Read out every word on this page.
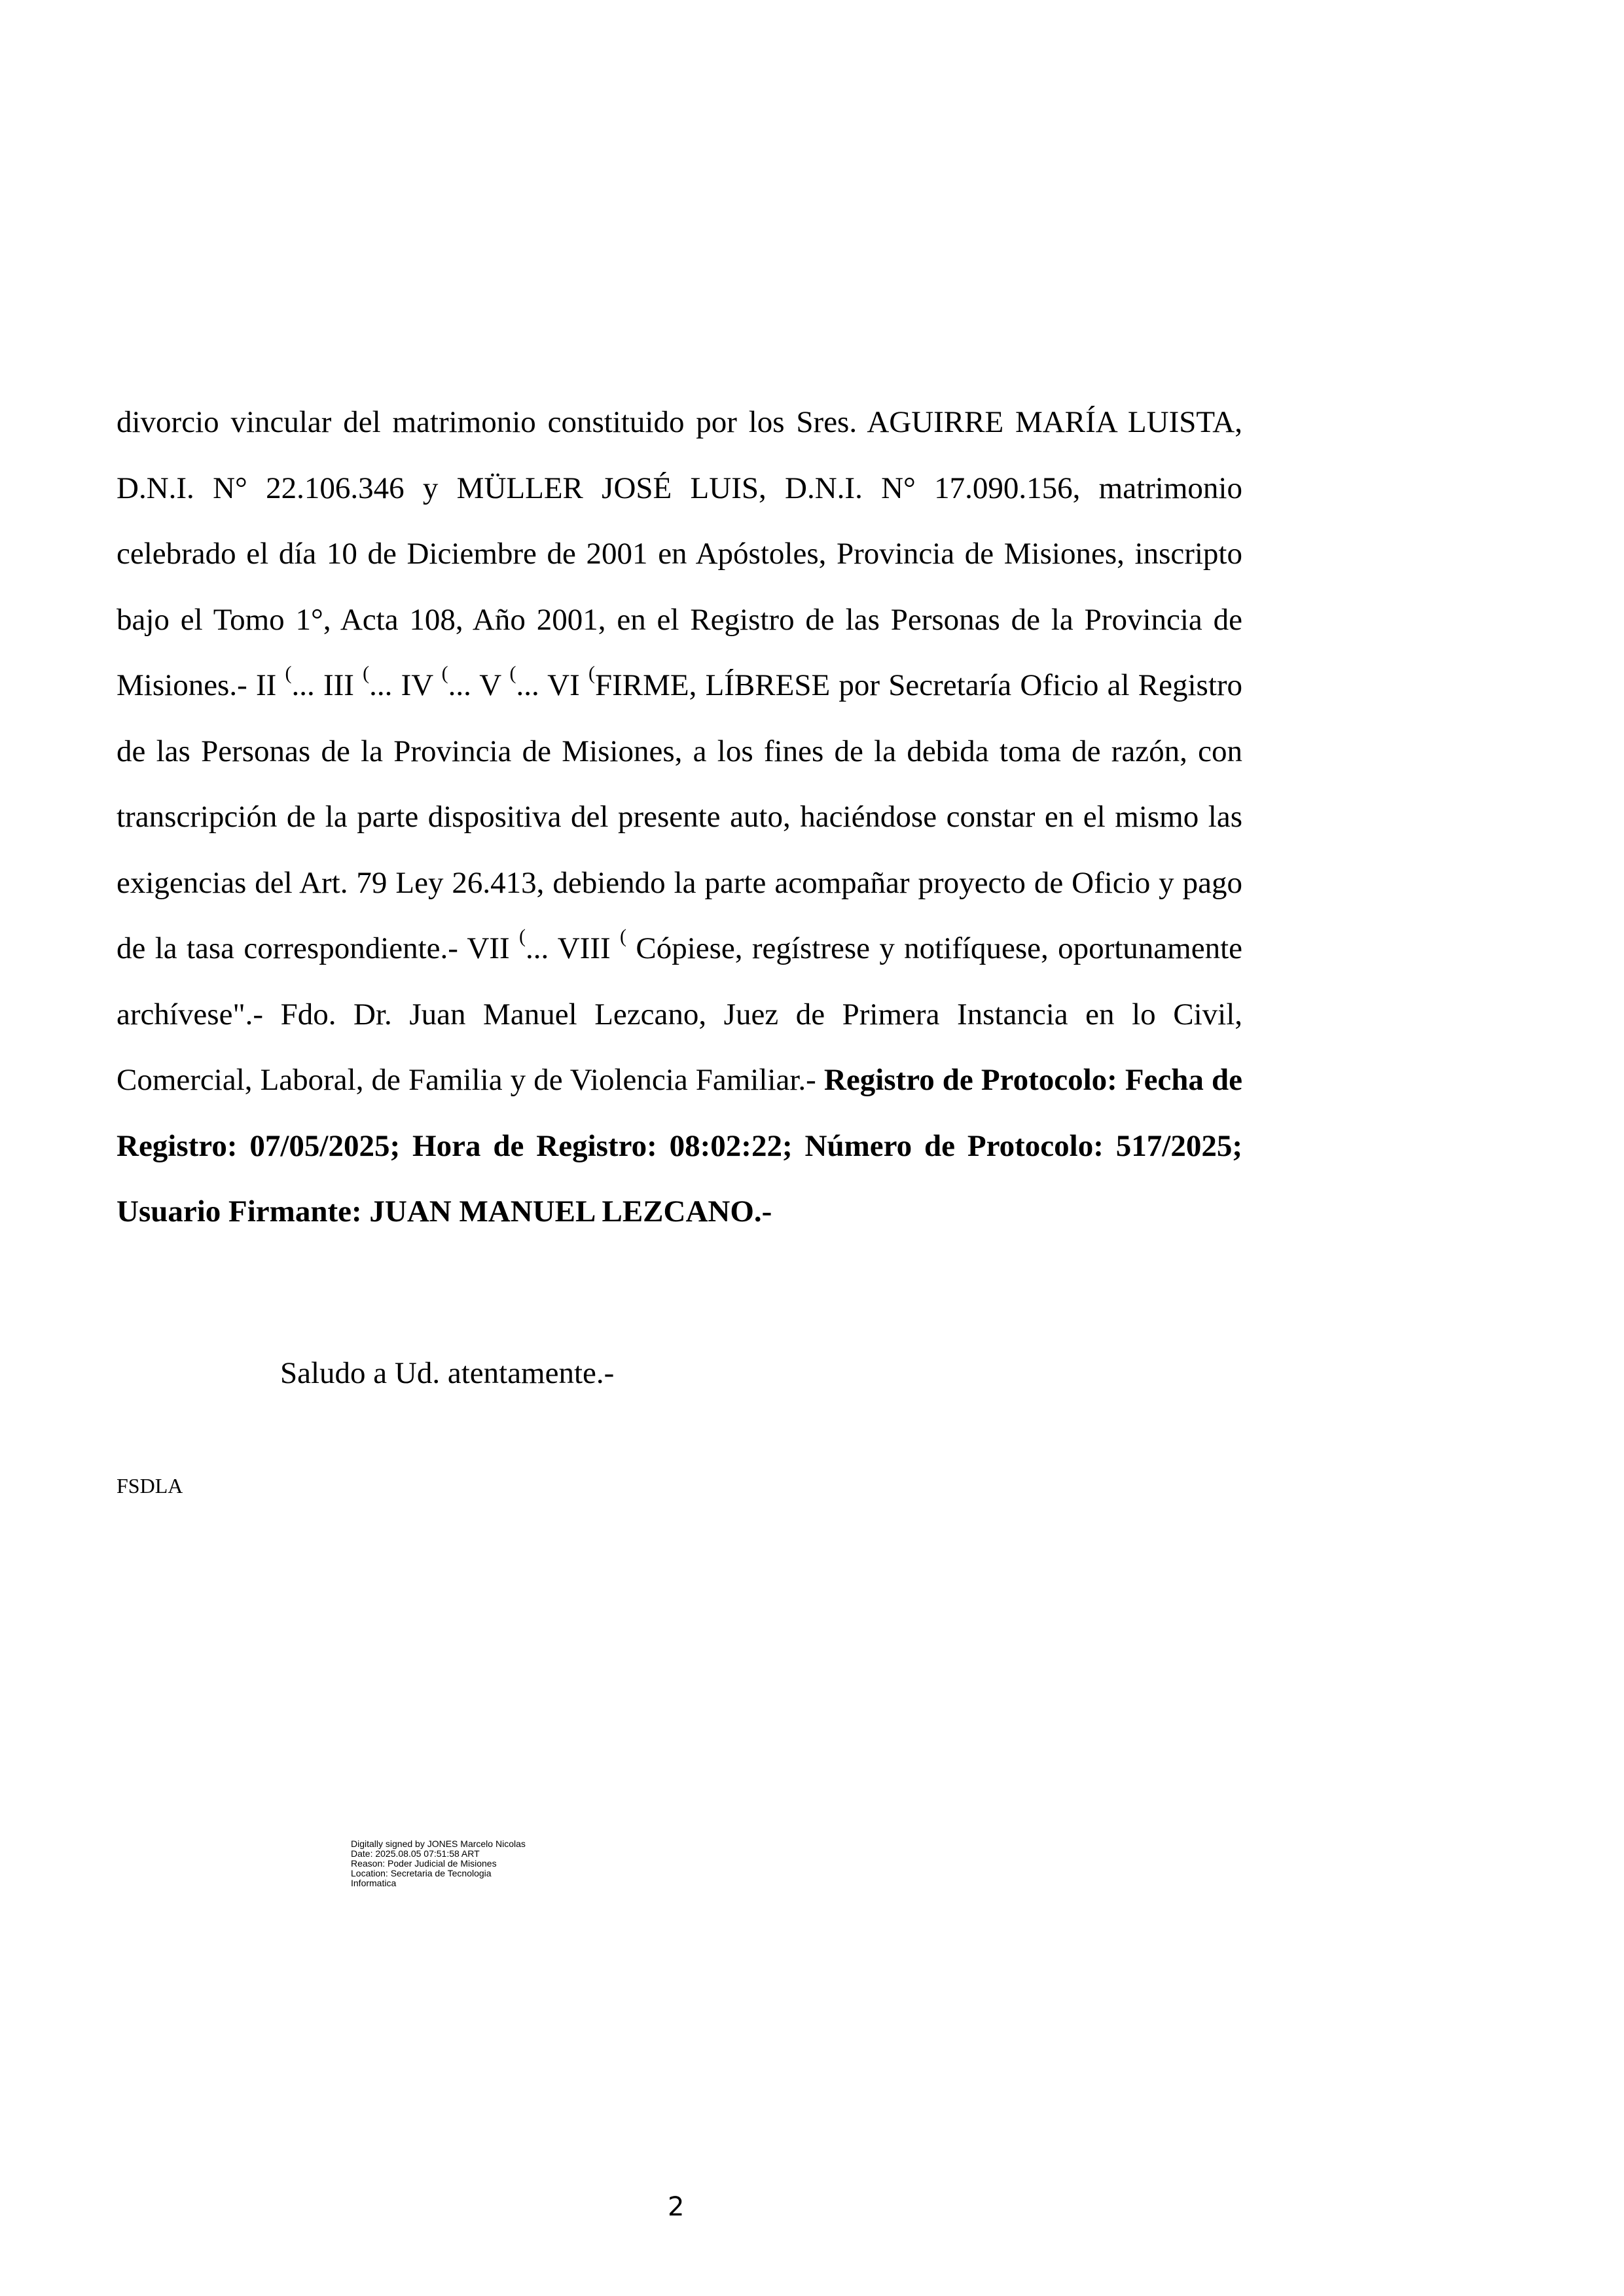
divorcio vincular del matrimonio constituido por los Sres. AGUIRRE MARÍA LUISTA, D.N.I. N° 22.106.346 y MÜLLER JOSÉ LUIS, D.N.I. N° 17.090.156, matrimonio celebrado el día 10 de Diciembre de 2001 en Apóstoles, Provincia de Misiones, inscripto bajo el Tomo 1°, Acta 108, Año 2001, en el Registro de las Personas de la Provincia de Misiones.- II (... III (... IV (... V (... VI (FIRME, LÍBRESE por Secretaría Oficio al Registro de las Personas de la Provincia de Misiones, a los fines de la debida toma de razón, con transcripción de la parte dispositiva del presente auto, haciéndose constar en el mismo las exigencias del Art. 79 Ley 26.413, debiendo la parte acompañar proyecto de Oficio y pago de la tasa correspondiente.- VII (... VIII ( Cópiese, regístrese y notifíquese, oportunamente archívese".- Fdo. Dr. Juan Manuel Lezcano, Juez de Primera Instancia en lo Civil, Comercial, Laboral, de Familia y de Violencia Familiar.- Registro de Protocolo: Fecha de Registro: 07/05/2025; Hora de Registro: 08:02:22; Número de Protocolo: 517/2025; Usuario Firmante: JUAN MANUEL LEZCANO.-

Saludo a Ud. atentamente.-

FSDLA

Digitally signed by JONES Marcelo Nicolas
Date: 2025.08.05 07:51:58 ART
Reason: Poder Judicial de Misiones
Location: Secretaria de Tecnologia
Informatica
2
